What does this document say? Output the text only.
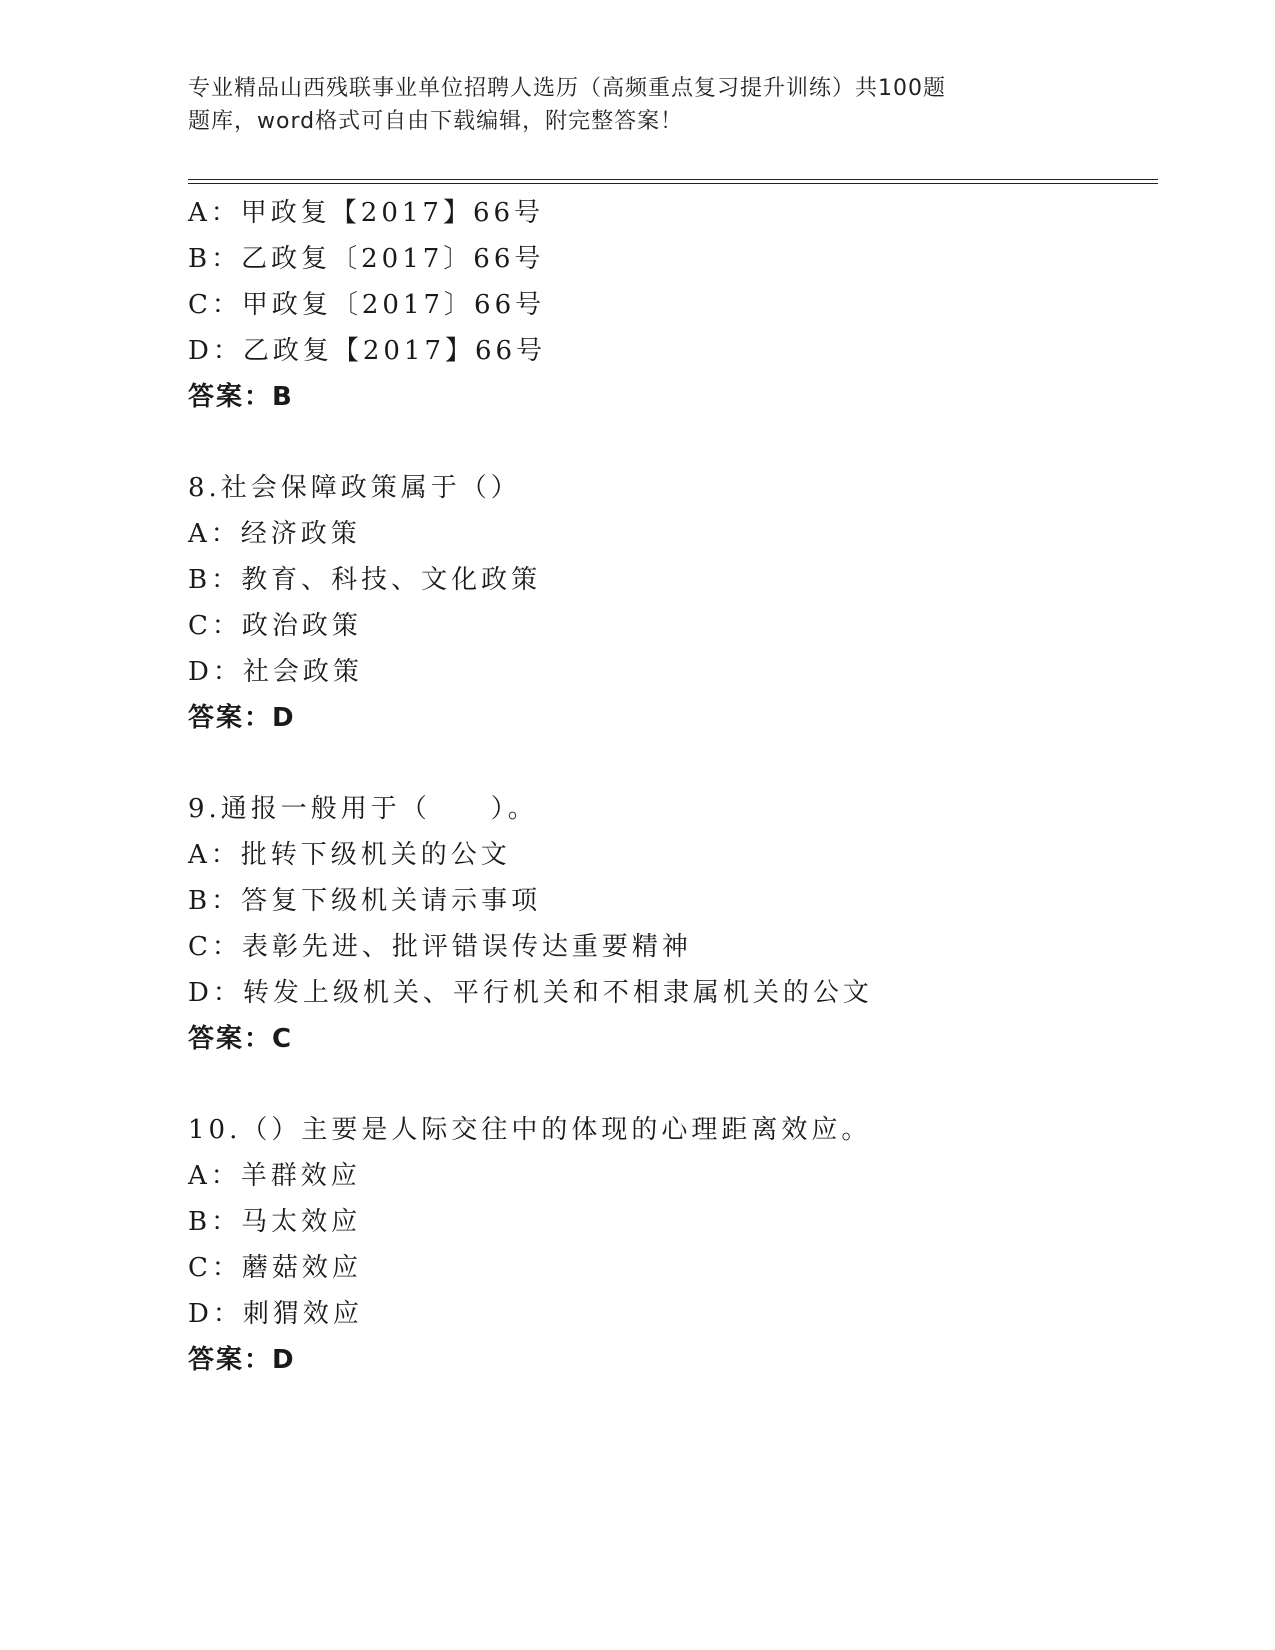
专业精品山西残联事业单位招聘人选历（高频重点复习提升训练）共100题
题库，word格式可自由下载编辑，附完整答案！
A：甲政复【2017】66号
B：乙政复〔2017〕66号
C：甲政复〔2017〕66号
D：乙政复【2017】66号
答案：B
8.社会保障政策属于（）
A：经济政策
B：教育、科技、文化政策
C：政治政策
D：社会政策
答案：D
9.通报一般用于（　　）。
A：批转下级机关的公文
B：答复下级机关请示事项
C：表彰先进、批评错误传达重要精神
D：转发上级机关、平行机关和不相隶属机关的公文
答案：C
10.（）主要是人际交往中的体现的心理距离效应。
A：羊群效应
B：马太效应
C：蘑菇效应
D：刺猬效应
答案：D
